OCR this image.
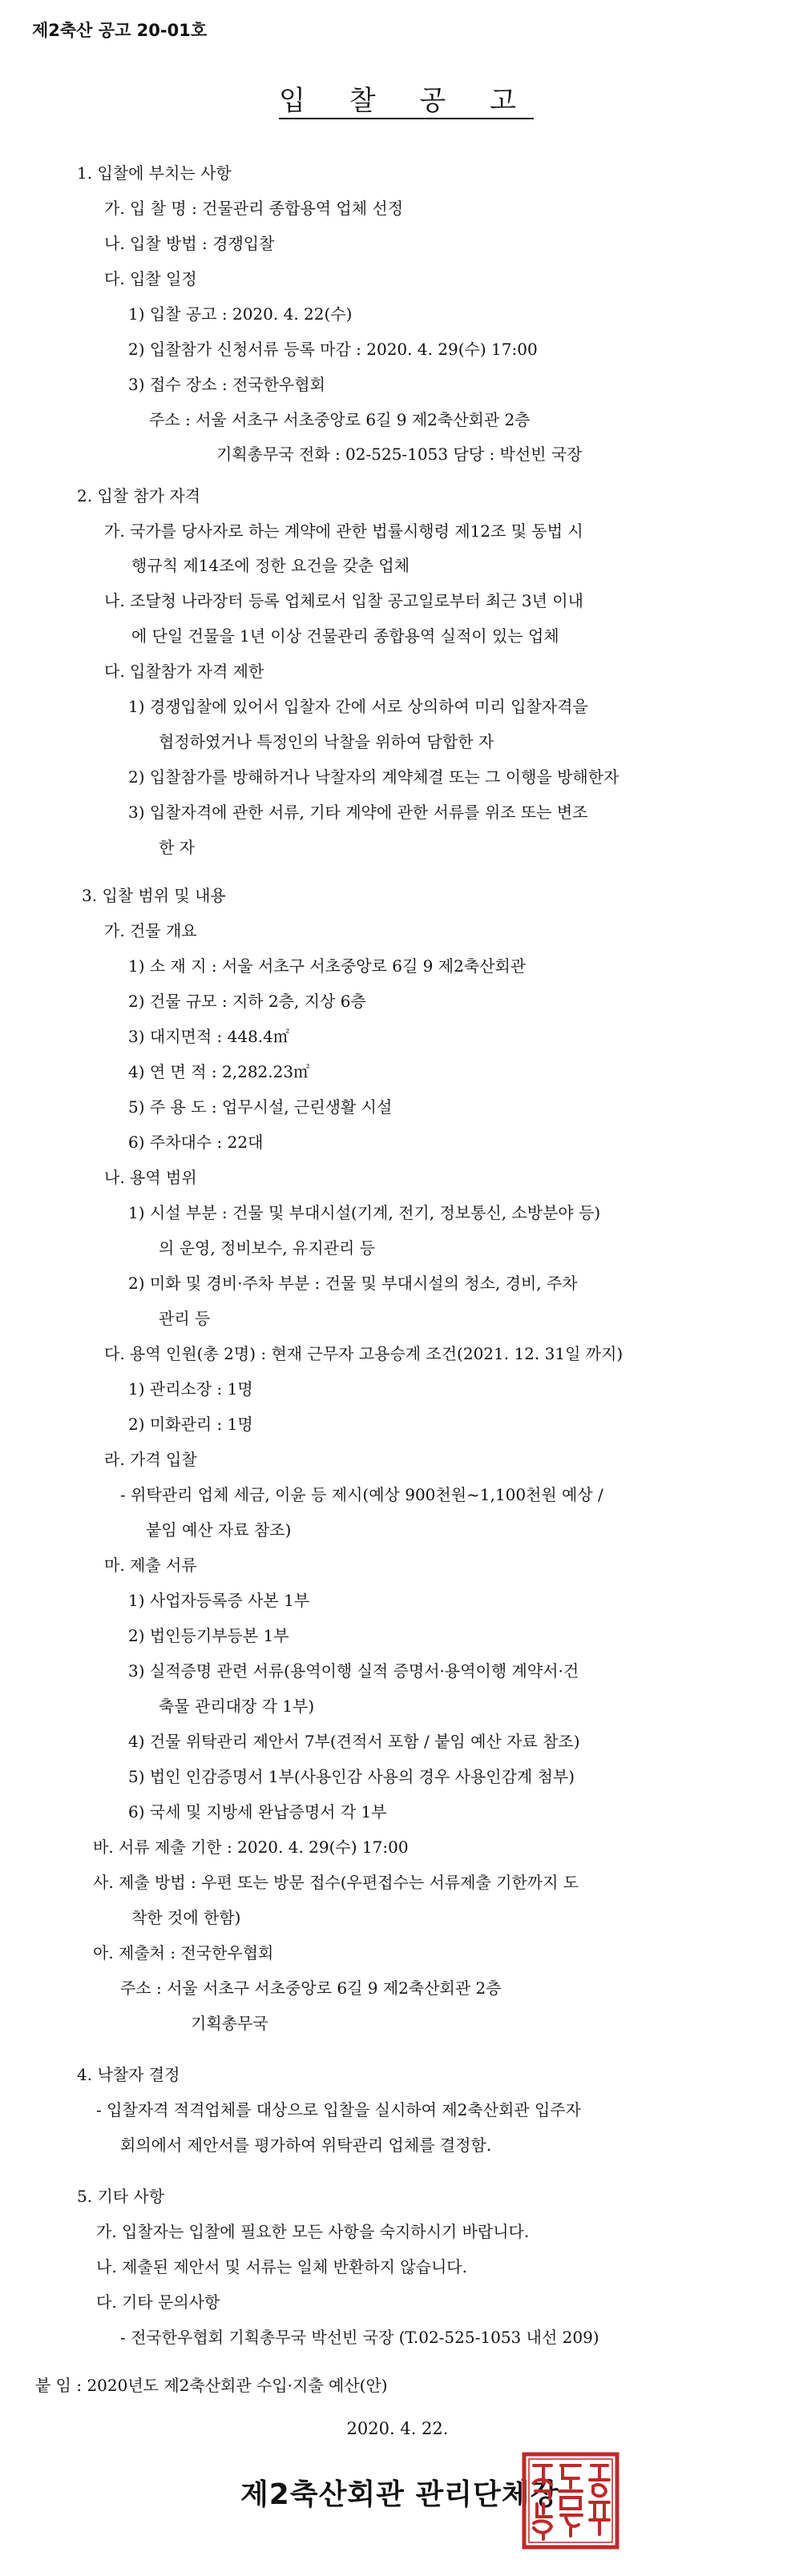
제2축산 공고 20-01호
입 찰 공 고
1. 입찰에 부치는 사항
가. 입 찰 명 : 건물관리 종합용역 업체 선정
나. 입찰 방법 : 경쟁입찰
다. 입찰 일정
1) 입찰 공고 : 2020. 4. 22(수)
2) 입찰참가 신청서류 등록 마감 : 2020. 4. 29(수) 17:00
3) 접수 장소 : 전국한우협회
주소 : 서울 서초구 서초중앙로 6길 9 제2축산회관 2층
기획총무국 전화 : 02-525-1053 담당 : 박선빈 국장
2. 입찰 참가 자격
가. 국가를 당사자로 하는 계약에 관한 법률시행령 제12조 및 동법 시
행규칙 제14조에 정한 요건을 갖춘 업체
나. 조달청 나라장터 등록 업체로서 입찰 공고일로부터 최근 3년 이내
에 단일 건물을 1년 이상 건물관리 종합용역 실적이 있는 업체
다. 입찰참가 자격 제한
1) 경쟁입찰에 있어서 입찰자 간에 서로 상의하여 미리 입찰자격을
협정하였거나 특정인의 낙찰을 위하여 담합한 자
2) 입찰참가를 방해하거나 낙찰자의 계약체결 또는 그 이행을 방해한자
3) 입찰자격에 관한 서류, 기타 계약에 관한 서류를 위조 또는 변조
한 자
3. 입찰 범위 및 내용
가. 건물 개요
1) 소 재 지 : 서울 서초구 서초중앙로 6길 9 제2축산회관
2) 건물 규모 : 지하 2층, 지상 6층
3) 대지면적 : 448.4㎡
4) 연 면 적 : 2,282.23㎡
5) 주 용 도 : 업무시설, 근린생활 시설
6) 주차대수 : 22대
나. 용역 범위
1) 시설 부분 : 건물 및 부대시설(기계, 전기, 정보통신, 소방분야 등)
의 운영, 정비보수, 유지관리 등
2) 미화 및 경비·주차 부분 : 건물 및 부대시설의 청소, 경비, 주차
관리 등
다. 용역 인원(총 2명) : 현재 근무자 고용승계 조건(2021. 12. 31일 까지)
1) 관리소장 : 1명
2) 미화관리 : 1명
라. 가격 입찰
- 위탁관리 업체 세금, 이윤 등 제시(예상 900천원~1,100천원 예상 /
붙임 예산 자료 참조)
마. 제출 서류
1) 사업자등록증 사본 1부
2) 법인등기부등본 1부
3) 실적증명 관련 서류(용역이행 실적 증명서·용역이행 계약서·건
축물 관리대장 각 1부)
4) 건물 위탁관리 제안서 7부(견적서 포함 / 붙임 예산 자료 참조)
5) 법인 인감증명서 1부(사용인감 사용의 경우 사용인감계 첨부)
6) 국세 및 지방세 완납증명서 각 1부
바. 서류 제출 기한 : 2020. 4. 29(수) 17:00
사. 제출 방법 : 우편 또는 방문 접수(우편접수는 서류제출 기한까지 도
착한 것에 한함)
아. 제출처 : 전국한우협회
주소 : 서울 서초구 서초중앙로 6길 9 제2축산회관 2층
기획총무국
4. 낙찰자 결정
- 입찰자격 적격업체를 대상으로 입찰을 실시하여 제2축산회관 입주자
회의에서 제안서를 평가하여 위탁관리 업체를 결정함.
5. 기타 사항
가. 입찰자는 입찰에 필요한 모든 사항을 숙지하시기 바랍니다.
나. 제출된 제안서 및 서류는 일체 반환하지 않습니다.
다. 기타 문의사항
- 전국한우협회 기획총무국 박선빈 국장 (T.02-525-1053 내선 209)
붙 임 : 2020년도 제2축산회관 수입·지출 예산(안)
2020. 4. 22.
제2축산회관 관리단체장
